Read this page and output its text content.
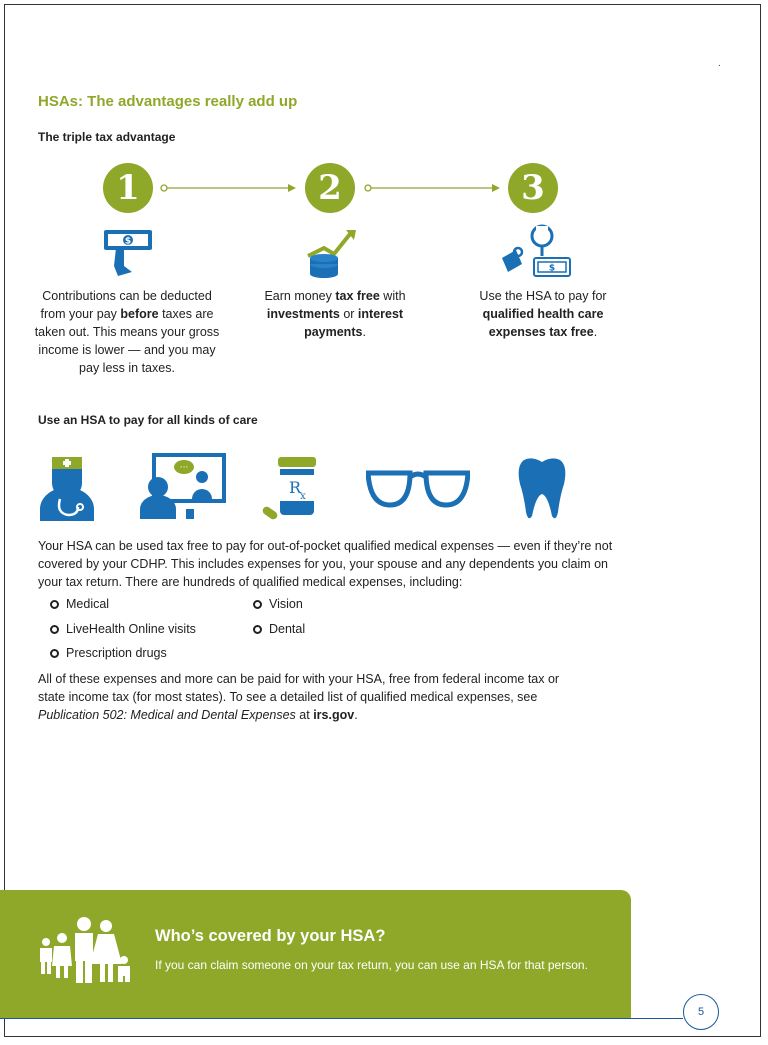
.
HSAs: The advantages really add up
The triple tax advantage
1	2	3
$
$

Contributions can be deducted from your pay before taxes are taken out. This means your gross income is lower — and you may pay less in taxes.

Earn money tax free with investments or interest payments.

Use the HSA to pay for qualified health care expenses tax free.

Use an HSA to pay for all kinds of care
···
R x

Your HSA can be used tax free to pay for out-of-pocket qualified medical expenses — even if they’re not covered by your CDHP. This includes expenses for you, your spouse and any dependents you claim on your tax return. There are hundreds of qualified medical expenses, including:

Medical	Vision
LiveHealth Online visits	Dental
Prescription drugs

All of these expenses and more can be paid for with your HSA, free from federal income tax or state income tax (for most states). To see a detailed list of qualified medical expenses, see Publication 502: Medical and Dental Expenses at irs.gov.

Who’s covered by your HSA?

If you can claim someone on your tax return, you can use an HSA for that person.

5
